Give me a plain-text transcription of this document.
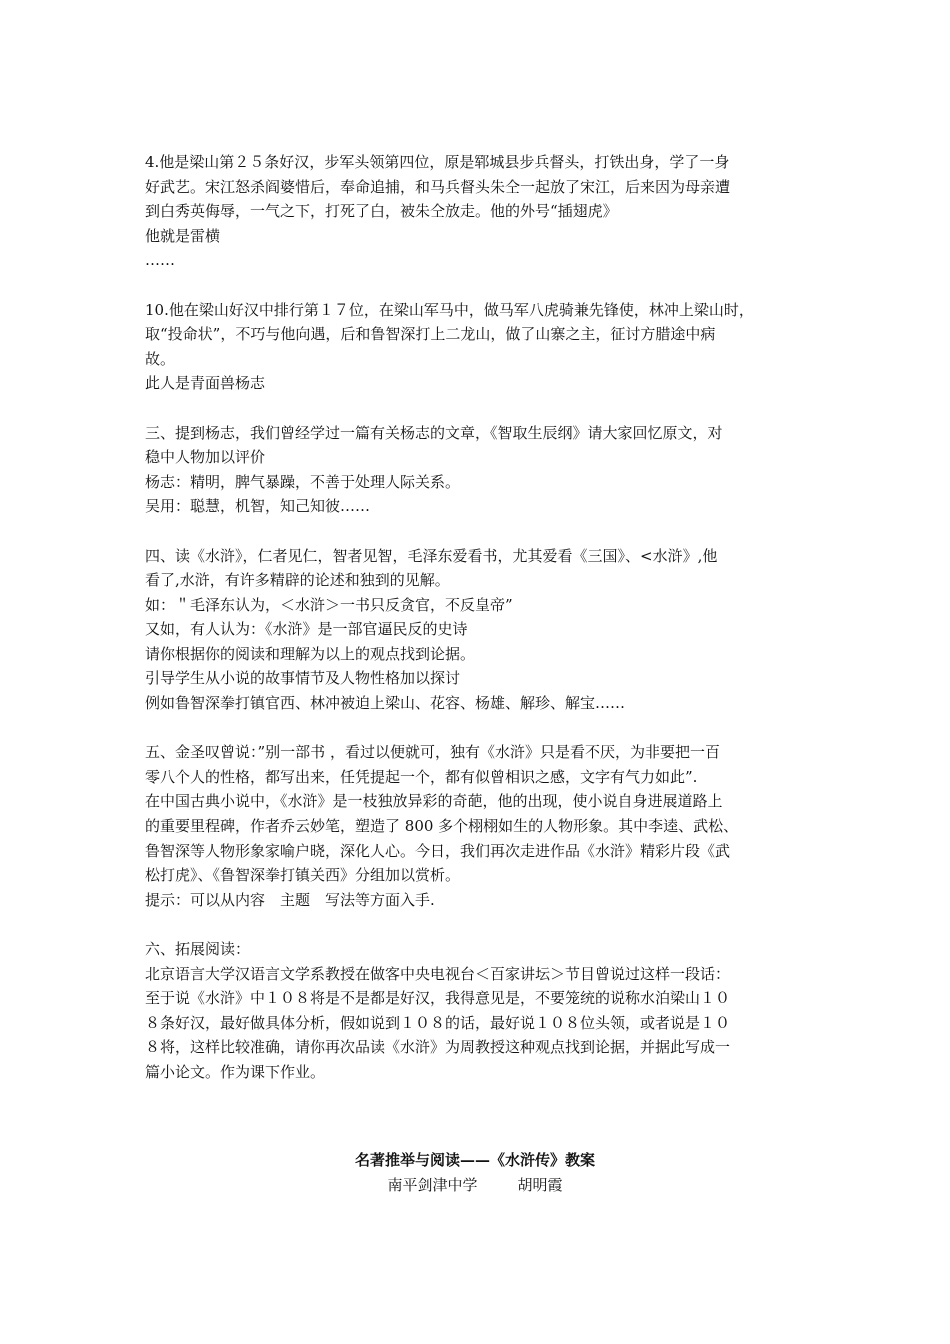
4.他是梁山第２５条好汉，步军头领第四位，原是郓城县步兵督头，打铁出身，学了一身
好武艺。宋江怒杀阎婆惜后，奉命追捕，和马兵督头朱仝一起放了宋江，后来因为母亲遭
到白秀英侮辱，一气之下，打死了白，被朱仝放走。他的外号“插翅虎》
他就是雷横
……
10.他在梁山好汉中排行第１７位，在梁山军马中，做马军八虎骑兼先锋使，林冲上梁山时，
取“投命状”，不巧与他向遇，后和鲁智深打上二龙山，做了山寨之主，征讨方腊途中病
故。
此人是青面兽杨志
三、提到杨志，我们曾经学过一篇有关杨志的文章，《智取生辰纲》请大家回忆原文，对
稳中人物加以评价
杨志：精明，脾气暴躁，不善于处理人际关系。
吴用：聪慧，机智，知己知彼……
四、读《水浒》，仁者见仁，智者见智，毛泽东爱看书，尤其爱看《三国》、<水浒》,他
看了,水浒，有许多精辟的论述和独到的见解。
如：＂毛泽东认为，＜水浒＞一书只反贪官，不反皇帝”
又如，有人认为：《水浒》是一部官逼民反的史诗
请你根据你的阅读和理解为以上的观点找到论据。
引导学生从小说的故事情节及人物性格加以探讨
例如鲁智深拳打镇官西、林冲被迫上梁山、花容、杨雄、解珍、解宝……
五、金圣叹曾说：”别一部书 ，看过以便就可，独有《水浒》只是看不厌，为非要把一百
零八个人的性格，都写出来，任凭提起一个，都有似曾相识之感，文字有气力如此”.
在中国古典小说中，《水浒》是一枝独放异彩的奇葩，他的出现，使小说自身进展道路上
的重要里程碑，作者乔云妙笔，塑造了 800 多个栩栩如生的人物形象。其中李逵、武松、
鲁智深等人物形象家喻户晓，深化人心。今日，我们再次走进作品《水浒》精彩片段《武
松打虎》、《鲁智深拳打镇关西》分组加以赏析。
提示：可以从内容　主题　写法等方面入手.
六、拓展阅读：
北京语言大学汉语言文学系教授在做客中央电视台＜百家讲坛＞节目曾说过这样一段话：
至于说《水浒》中１０８将是不是都是好汉，我得意见是，不要笼统的说称水泊梁山１０
８条好汉，最好做具体分析，假如说到１０８的话，最好说１０８位头领，或者说是１０
８将，这样比较准确，请你再次品读《水浒》为周教授这种观点找到论据，并据此写成一
篇小论文。作为课下作业。
名著推举与阅读——《水浒传》教案
南平剑津中学	胡明霞
